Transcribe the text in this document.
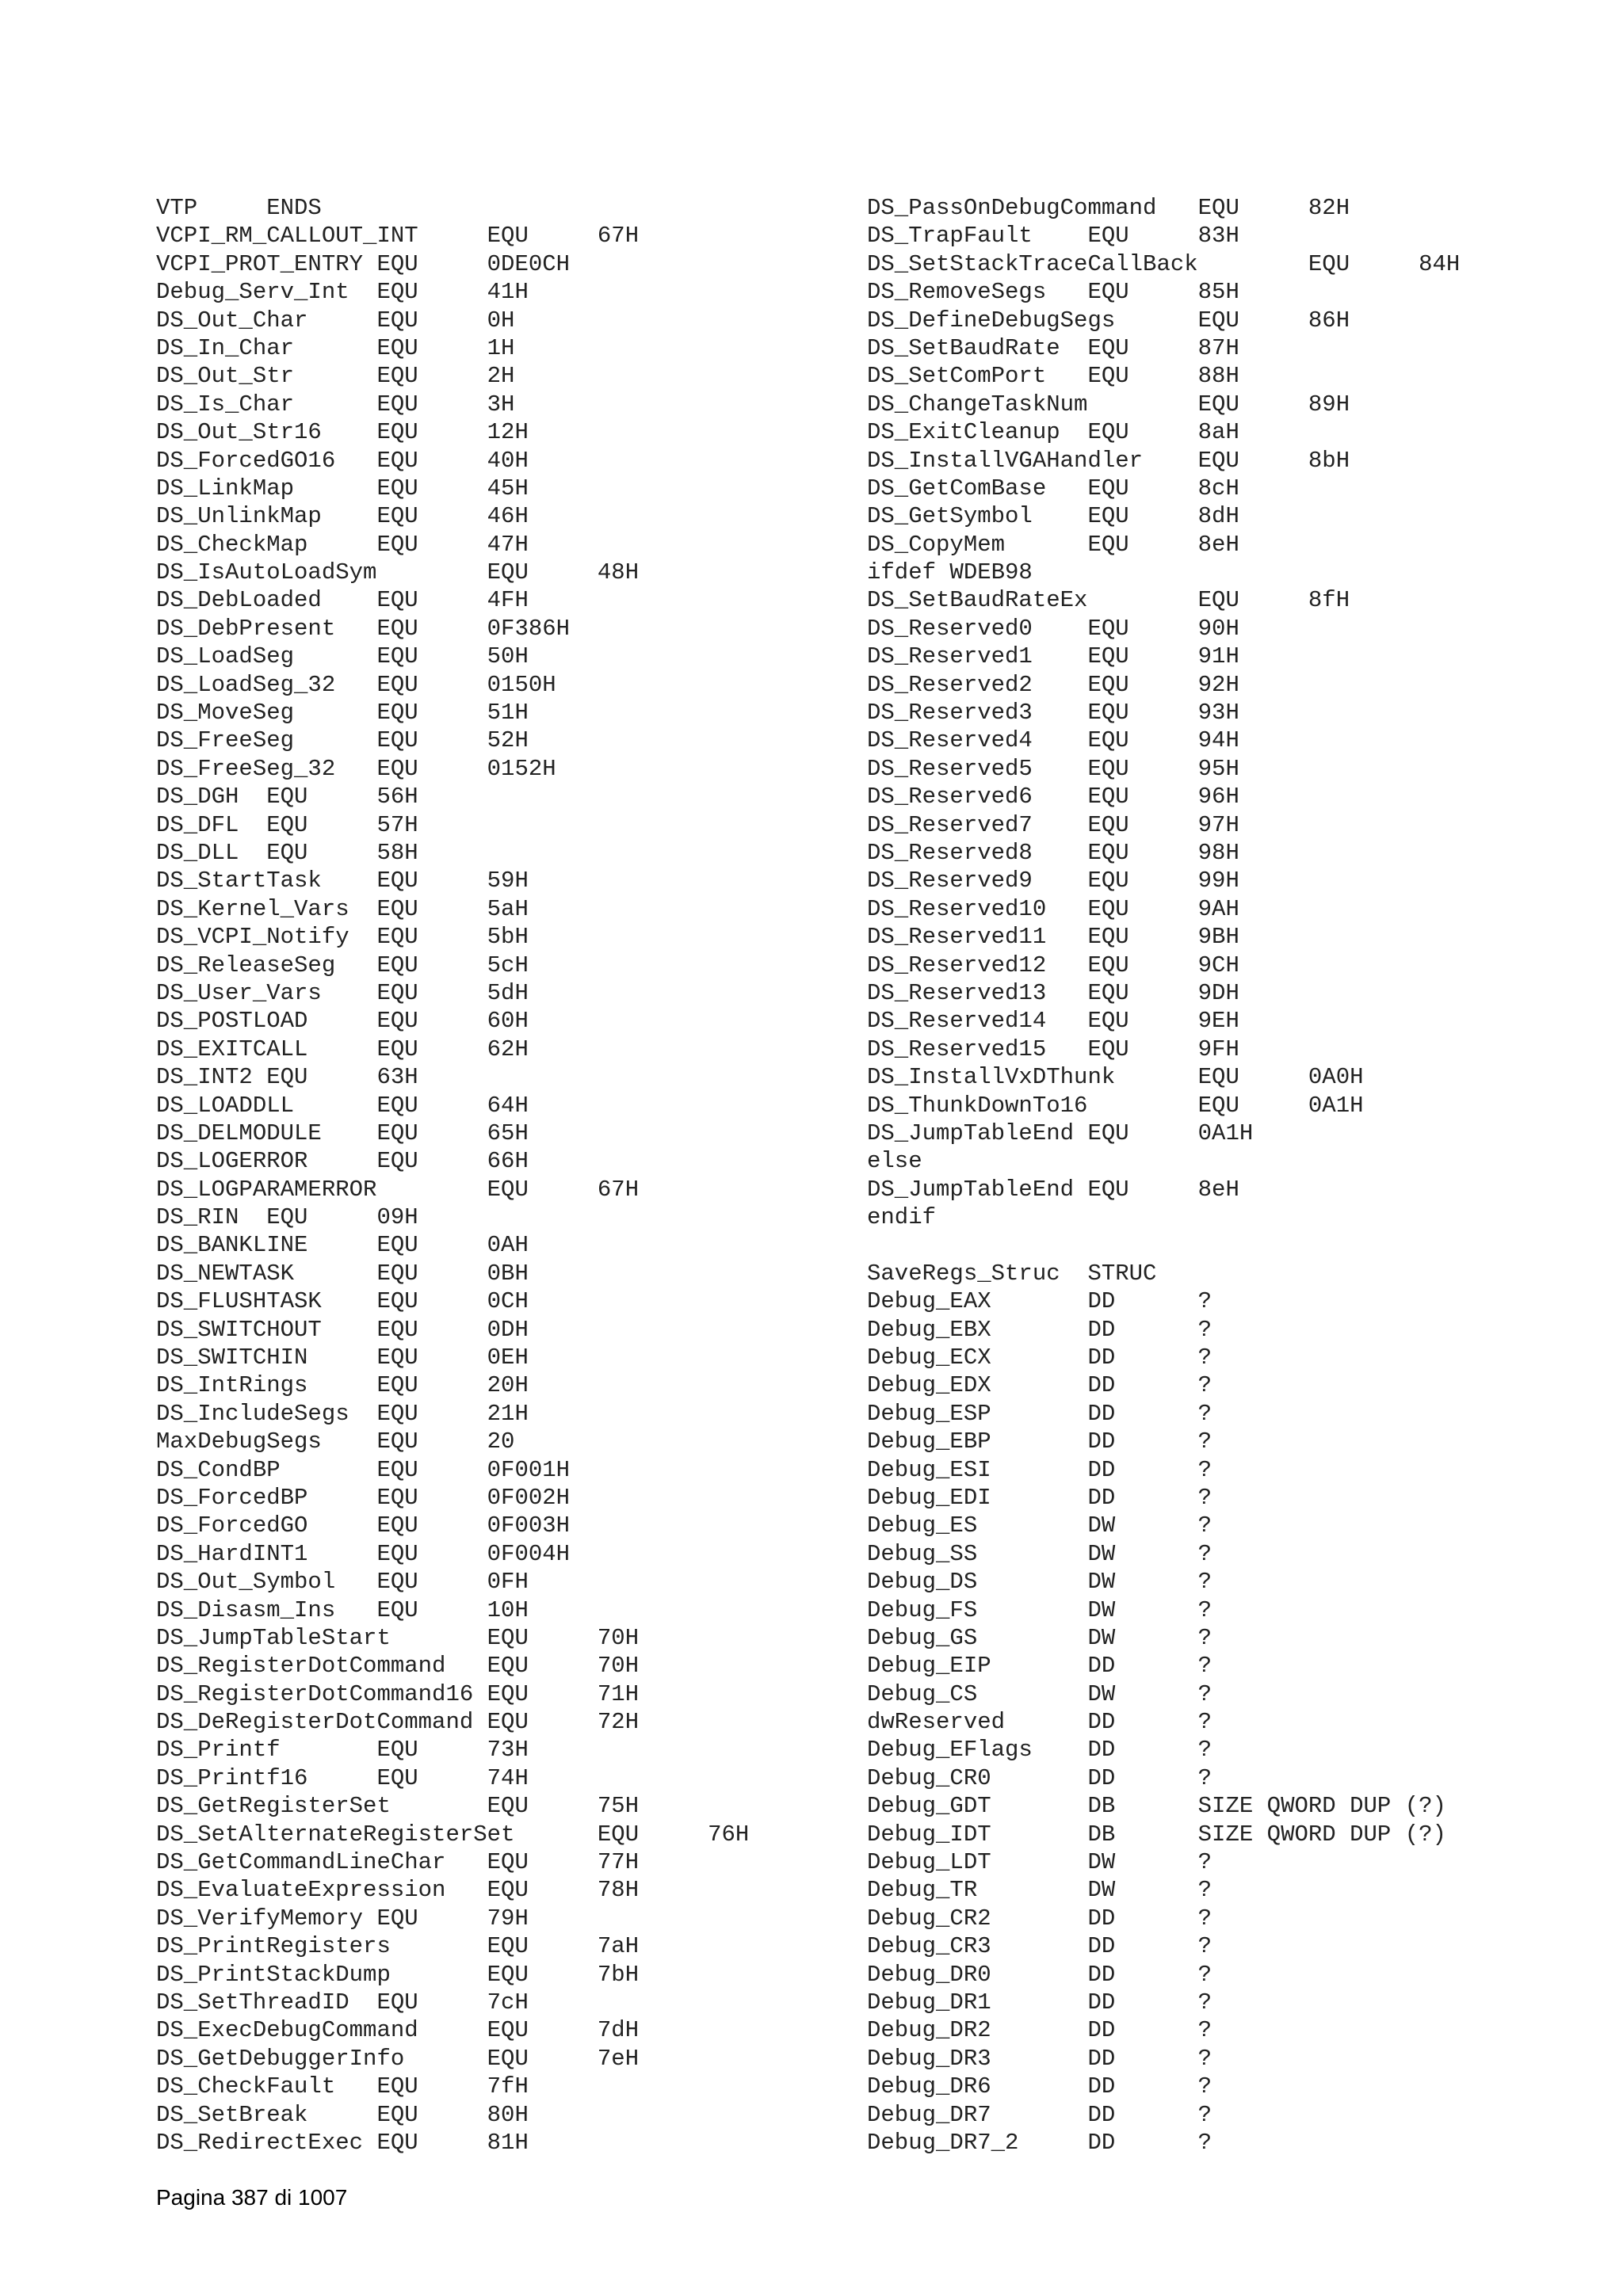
VTP	ENDS
VCPI_RM_CALLOUT_INT	EQU	67H
VCPI_PROT_ENTRY EQU	0DE0CH
Debug_Serv_Int EQU	41H
DS_Out_Char	EQU	0H
DS_In_Char	EQU	1H
DS_Out_Str	EQU	2H
DS_Is_Char	EQU	3H
DS_Out_Str16 EQU	12H
DS_ForcedGO16 EQU	40H
DS_LinkMap	EQU	45H
DS_UnlinkMap EQU	46H
DS_CheckMap	EQU	47H
DS_IsAutoLoadSym	EQU	48H
DS_DebLoaded EQU	4FH
DS_DebPresent EQU	0F386H
DS_LoadSeg	EQU	50H
DS_LoadSeg_32 EQU	0150H
DS_MoveSeg	EQU	51H
DS_FreeSeg	EQU	52H
DS_FreeSeg_32 EQU	0152H
DS_DGH EQU	56H
DS_DFL EQU	57H
DS_DLL EQU	58H
DS_StartTask EQU	59H
DS_Kernel_Vars EQU	5aH
DS_VCPI_Notify EQU	5bH
DS_ReleaseSeg EQU	5cH
DS_User_Vars EQU	5dH
DS_POSTLOAD	EQU	60H
DS_EXITCALL	EQU	62H
DS_INT2 EQU	63H
DS_LOADDLL	EQU	64H
DS_DELMODULE EQU	65H
DS_LOGERROR	EQU	66H
DS_LOGPARAMERROR	EQU	67H
DS_RIN EQU	09H
DS_BANKLINE	EQU	0AH
DS_NEWTASK	EQU	0BH
DS_FLUSHTASK EQU	0CH
DS_SWITCHOUT EQU	0DH
DS_SWITCHIN	EQU	0EH
DS_IntRings	EQU	20H
DS_IncludeSegs EQU	21H
MaxDebugSegs EQU	20
DS_CondBP	EQU	0F001H
DS_ForcedBP	EQU	0F002H
DS_ForcedGO	EQU	0F003H
DS_HardINT1	EQU	0F004H
DS_Out_Symbol EQU	0FH
DS_Disasm_Ins EQU	10H
DS_JumpTableStart	EQU	70H
DS_RegisterDotCommand EQU	70H
DS_RegisterDotCommand16 EQU	71H
DS_DeRegisterDotCommand EQU	72H
DS_Printf	EQU	73H
DS_Printf16	EQU	74H
DS_GetRegisterSet	EQU	75H
DS_SetAlternateRegisterSet	EQU	76H
DS_GetCommandLineChar EQU	77H
DS_EvaluateExpression EQU	78H
DS_VerifyMemory EQU	79H
DS_PrintRegisters	EQU	7aH
DS_PrintStackDump	EQU	7bH
DS_SetThreadID EQU	7cH
DS_ExecDebugCommand	EQU	7dH
DS_GetDebuggerInfo	EQU	7eH
DS_CheckFault EQU	7fH
DS_SetBreak	EQU	80H
DS_RedirectExec EQU	81H
DS_PassOnDebugCommand EQU	82H
DS_TrapFault EQU	83H
DS_SetStackTraceCallBack	EQU	84H
DS_RemoveSegs EQU	85H
DS_DefineDebugSegs	EQU	86H
DS_SetBaudRate EQU	87H
DS_SetComPort EQU	88H
DS_ChangeTaskNum	EQU	89H
DS_ExitCleanup EQU	8aH
DS_InstallVGAHandler EQU	8bH
DS_GetComBase EQU	8cH
DS_GetSymbol EQU	8dH
DS_CopyMem	EQU	8eH
ifdef WDEB98
DS_SetBaudRateEx	EQU	8fH
DS_Reserved0 EQU	90H
DS_Reserved1 EQU	91H
DS_Reserved2 EQU	92H
DS_Reserved3 EQU	93H
DS_Reserved4 EQU	94H
DS_Reserved5 EQU	95H
DS_Reserved6 EQU	96H
DS_Reserved7 EQU	97H
DS_Reserved8 EQU	98H
DS_Reserved9 EQU	99H
DS_Reserved10 EQU	9AH
DS_Reserved11 EQU	9BH
DS_Reserved12 EQU	9CH
DS_Reserved13 EQU	9DH
DS_Reserved14 EQU	9EH
DS_Reserved15 EQU	9FH
DS_InstallVxDThunk	EQU	0A0H
DS_ThunkDownTo16	EQU	0A1H
DS_JumpTableEnd EQU	0A1H
else
DS_JumpTableEnd EQU	8eH
endif
SaveRegs_Struc STRUC
Debug_EAX	DD	?
Debug_EBX	DD	?
Debug_ECX	DD	?
Debug_EDX	DD	?
Debug_ESP	DD	?
Debug_EBP	DD	?
Debug_ESI	DD	?
Debug_EDI	DD	?
Debug_ES	DW	?
Debug_SS	DW	?
Debug_DS	DW	?
Debug_FS	DW	?
Debug_GS	DW	?
Debug_EIP	DD	?
Debug_CS	DW	?
dwReserved	DD	?
Debug_EFlags DD	?
Debug_CR0	DD	?
Debug_GDT	DB	SIZE QWORD DUP (?)
Debug_IDT	DB	SIZE QWORD DUP (?)
Debug_LDT	DW	?
Debug_TR	DW	?
Debug_CR2	DD	?
Debug_CR3	DD	?
Debug_DR0	DD	?
Debug_DR1	DD	?
Debug_DR2	DD	?
Debug_DR3	DD	?
Debug_DR6	DD	?
Debug_DR7	DD	?
Debug_DR7_2	DD	?
Pagina 387 di 1007
